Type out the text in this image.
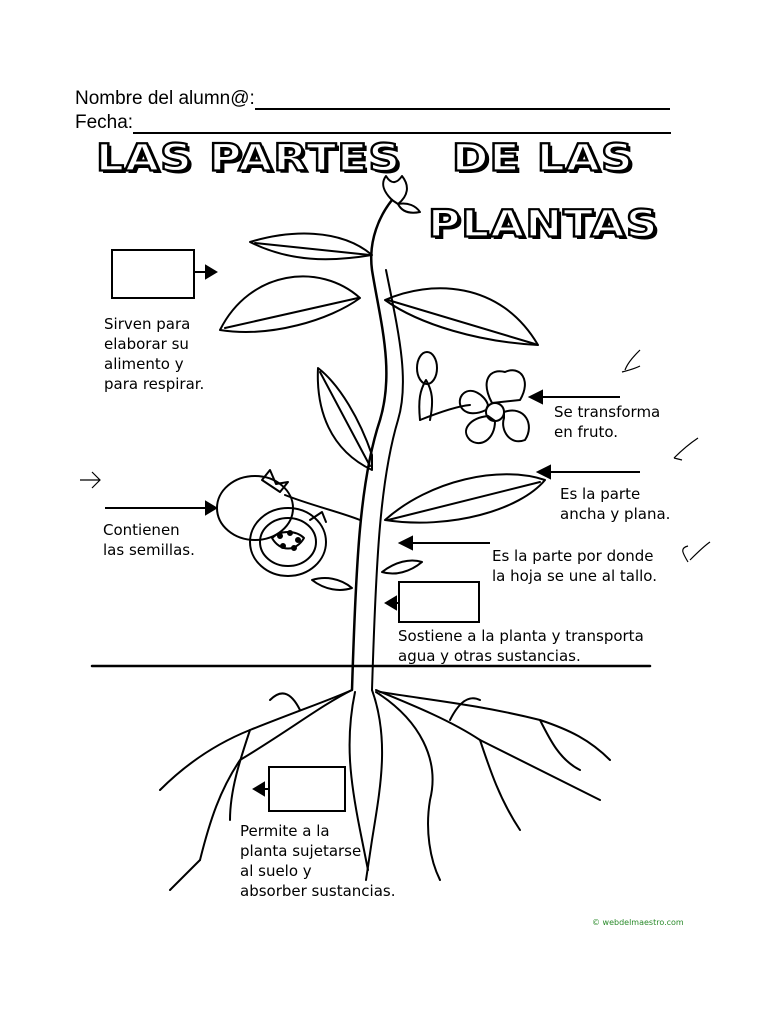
Nombre del alumn@:
Fecha:
LAS PARTES DE LAS
PLANTAS
Sirven para
elaborar su
alimento y
para respirar.
Se transforma
en fruto.
Es la parte
ancha y plana.
Contienen
las semillas.	Es la parte por donde
la hoja se une al tallo.
Sostiene a la planta y transporta
agua y otras sustancias.
Permite a la
planta sujetarse
al suelo y
absorber sustancias.
© webdelmaestro.com
